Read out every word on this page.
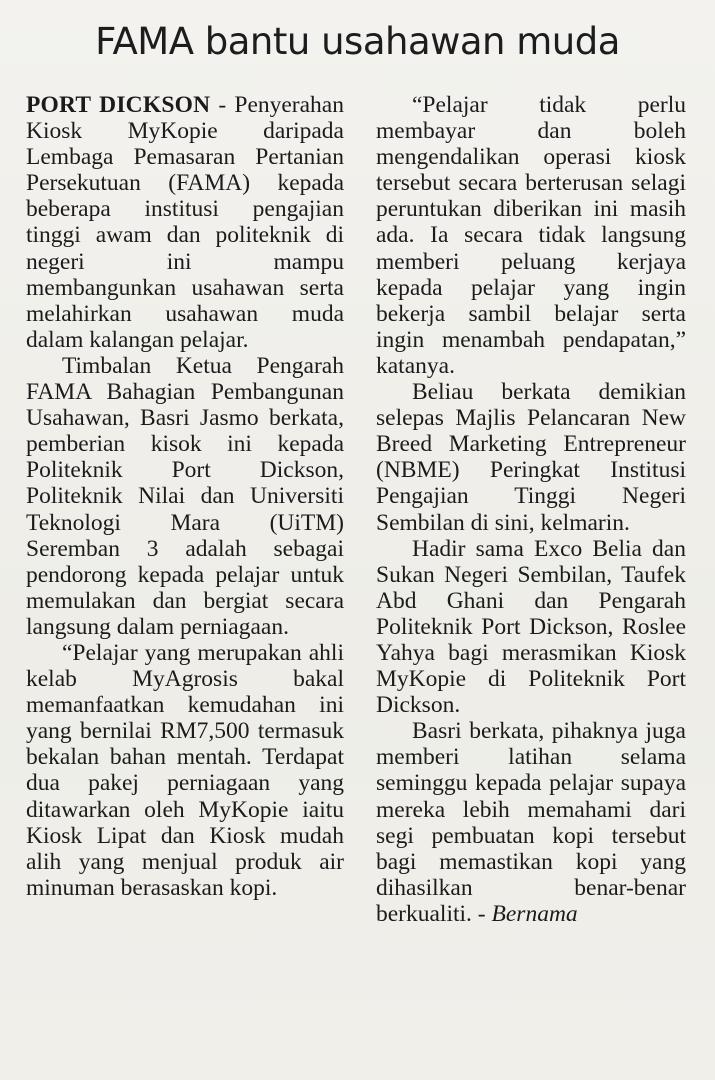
FAMA bantu usahawan muda

PORT DICKSON - Penyerahan Kiosk MyKopie daripada Lembaga Pemasaran Pertanian Persekutuan (FAMA) kepada beberapa institusi pengajian tinggi awam dan politeknik di negeri ini mampu membangunkan usahawan serta melahirkan usahawan muda dalam kalangan pelajar.

Timbalan Ketua Pengarah FAMA Bahagian Pembangunan Usahawan, Basri Jasmo berkata, pemberian kisok ini kepada Politeknik Port Dickson, Politeknik Nilai dan Universiti Teknologi Mara (UiTM) Seremban 3 adalah sebagai pendorong kepada pelajar untuk memulakan dan bergiat secara langsung dalam perniagaan.

“Pelajar yang merupakan ahli kelab MyAgrosis bakal memanfaatkan kemudahan ini yang bernilai RM7,500 termasuk bekalan bahan mentah. Terdapat dua pakej perniagaan yang ditawarkan oleh MyKopie iaitu Kiosk Lipat dan Kiosk mudah alih yang menjual produk air minuman berasaskan kopi.

“Pelajar tidak perlu membayar dan boleh mengendalikan operasi kiosk tersebut secara berterusan selagi peruntukan diberikan ini masih ada. Ia secara tidak langsung memberi peluang kerjaya kepada pelajar yang ingin bekerja sambil belajar serta ingin menambah pendapatan,” katanya.

Beliau berkata demikian selepas Majlis Pelancaran New Breed Marketing Entrepreneur (NBME) Peringkat Institusi Pengajian Tinggi Negeri Sembilan di sini, kelmarin.

Hadir sama Exco Belia dan Sukan Negeri Sembilan, Taufek Abd Ghani dan Pengarah Politeknik Port Dickson, Roslee Yahya bagi merasmikan Kiosk MyKopie di Politeknik Port Dickson.

Basri berkata, pihaknya juga memberi latihan selama seminggu kepada pelajar supaya mereka lebih memahami dari segi pembuatan kopi tersebut bagi memastikan kopi yang dihasilkan benar-benar berkualiti. - Bernama
